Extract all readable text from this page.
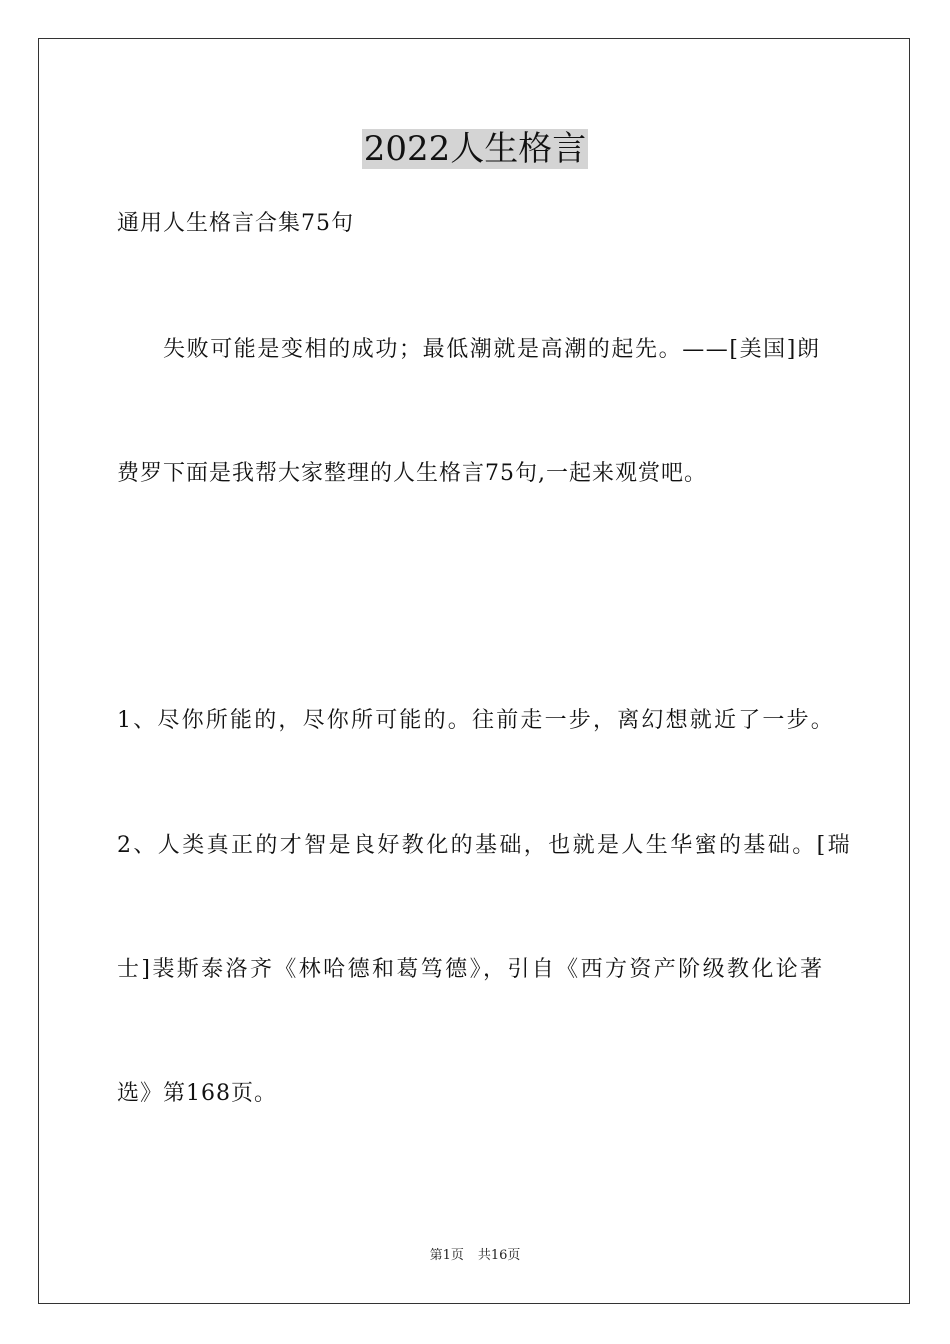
2022人生格言
通用人生格言合集75句
失败可能是变相的成功；最低潮就是高潮的起先。——[美国]朗
费罗下面是我帮大家整理的人生格言75句,一起来观赏吧。
1、尽你所能的，尽你所可能的。往前走一步，离幻想就近了一步。
2、人类真正的才智是良好教化的基础，也就是人生华蜜的基础。[瑞
士]裴斯泰洛齐《林哈德和葛笃德》，引自《西方资产阶级教化论著
选》第168页。
第1页 共16页
